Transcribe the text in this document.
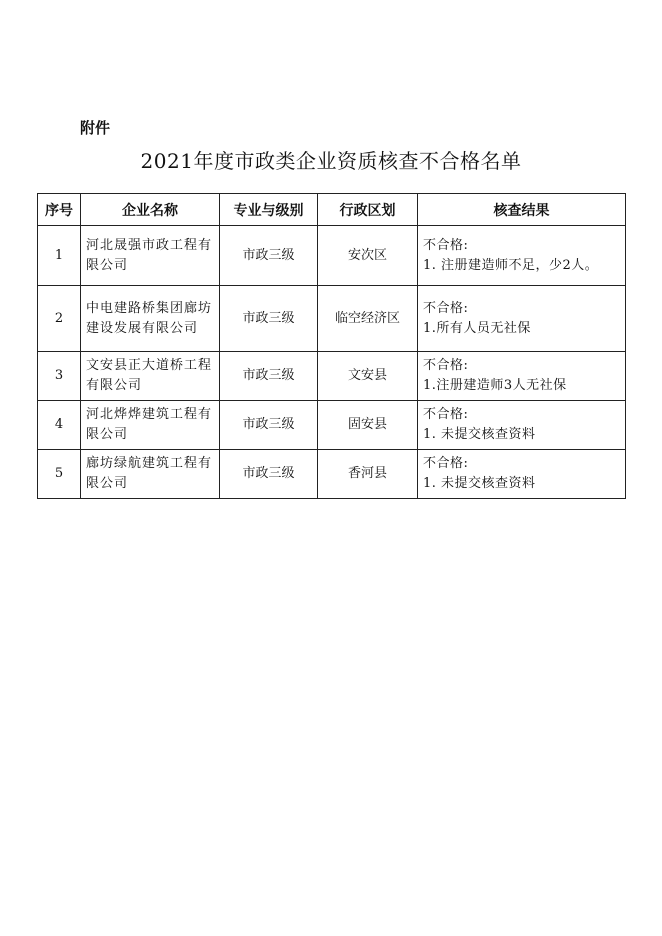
附件
2021年度市政类企业资质核查不合格名单
序号	企业名称	专业与级别	行政区划	核查结果
1	河北晟强市政工程有限公司	市政三级	安次区	不合格:
1. 注册建造师不足，少2人。

2	中电建路桥集团廊坊建设发展有限公司	市政三级	临空经济区	不合格:
1.所有人员无社保

3	文安县正大道桥工程有限公司	市政三级	文安县	不合格:
1.注册建造师3人无社保

4	河北烨烨建筑工程有限公司	市政三级	固安县	不合格:
1. 未提交核查资料

5	廊坊绿航建筑工程有限公司	市政三级	香河县	不合格:
1. 未提交核查资料
